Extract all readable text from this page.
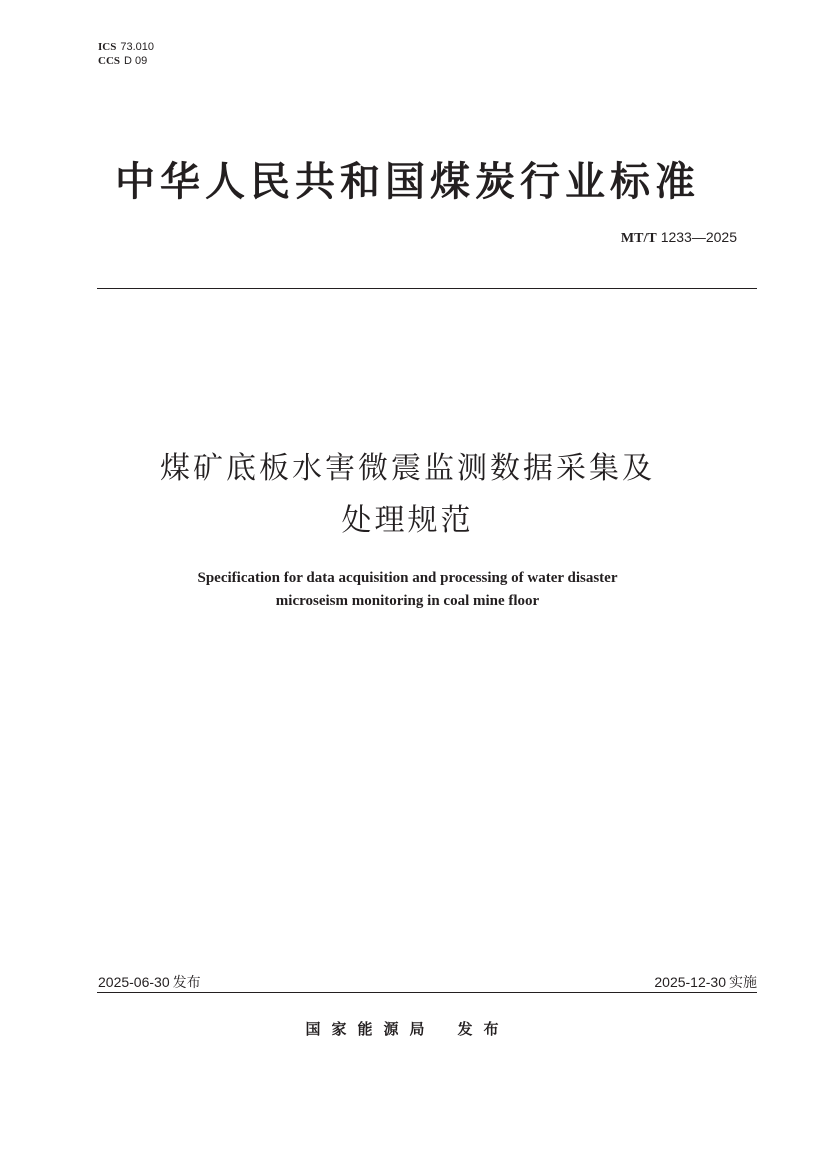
ICS 73.010
CCS D 09
中华人民共和国煤炭行业标准
MT/T 1233—2025
煤矿底板水害微震监测数据采集及
处理规范
Specification for data acquisition and processing of water disaster
microseism monitoring in coal mine floor
2025-06-30 发布	2025-12-30 实施
国家能源局 发布
